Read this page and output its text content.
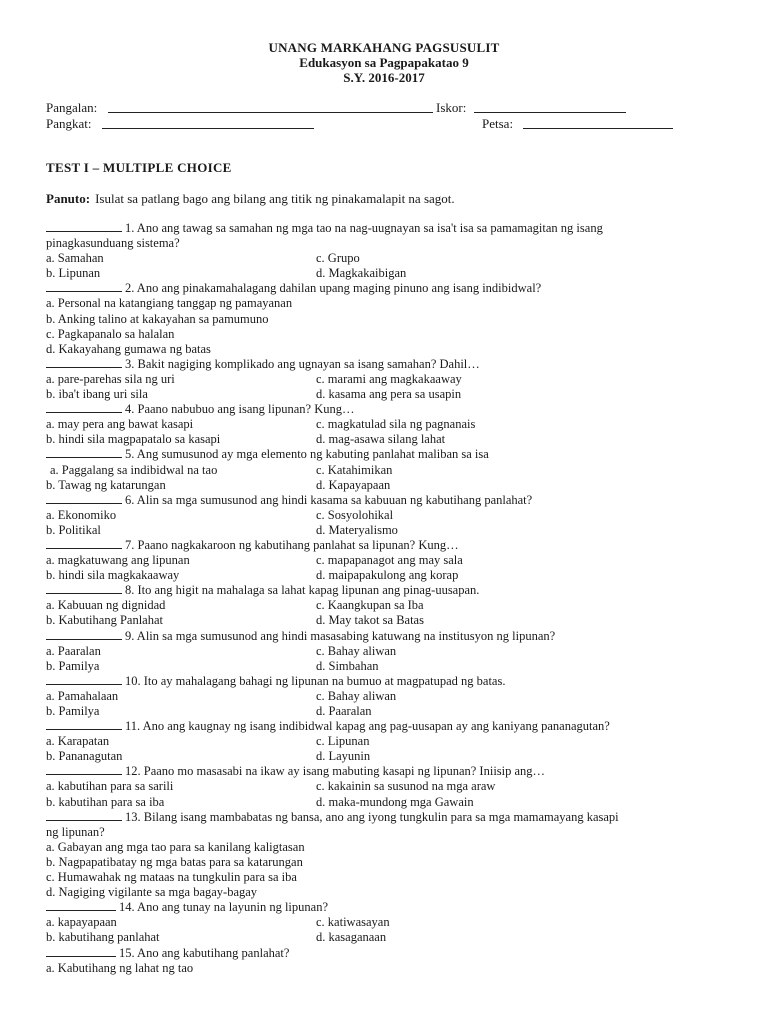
UNANG MARKAHANG PAGSUSULIT
Edukasyon sa Pagpapakatao 9
S.Y. 2016-2017
Pangalan:	Iskor:
Pangkat:	Petsa:
TEST I – MULTIPLE CHOICE
Panuto: Isulat sa patlang bago ang bilang ang titik ng pinakamalapit na sagot.
1. Ano ang tawag sa samahan ng mga tao na nag-uugnayan sa isa't isa sa pamamagitan ng isang
pinagkasunduang sistema?
a. Samahan	c. Grupo
b. Lipunan	d. Magkakaibigan
2. Ano ang pinakamahalagang dahilan upang maging pinuno ang isang indibidwal?
a. Personal na katangiang tanggap ng pamayanan
b. Anking talino at kakayahan sa pamumuno
c. Pagkapanalo sa halalan
d. Kakayahang gumawa ng batas
3. Bakit nagiging komplikado ang ugnayan sa isang samahan? Dahil…
a. pare-parehas sila ng uri	c. marami ang magkakaaway
b. iba't ibang uri sila	d. kasama ang pera sa usapin
4. Paano nabubuo ang isang lipunan? Kung…
a. may pera ang bawat kasapi	c. magkatulad sila ng pagnanais
b. hindi sila magpapatalo sa kasapi	d. mag-asawa silang lahat
5. Ang sumusunod ay mga elemento ng kabuting panlahat maliban sa isa
a. Paggalang sa indibidwal na tao	c. Katahimikan
b. Tawag ng katarungan	d. Kapayapaan
6. Alin sa mga sumusunod ang hindi kasama sa kabuuan ng kabutihang panlahat?
a. Ekonomiko	c. Sosyolohikal
b. Politikal	d. Materyalismo
7. Paano nagkakaroon ng kabutihang panlahat sa lipunan? Kung…
a. magkatuwang ang lipunan	c. mapapanagot ang may sala
b. hindi sila magkakaaway	d. maipapakulong ang korap
8. Ito ang higit na mahalaga sa lahat kapag lipunan ang pinag-uusapan.
a. Kabuuan ng dignidad	c. Kaangkupan sa Iba
b. Kabutihang Panlahat	d. May takot sa Batas
9. Alin sa mga sumusunod ang hindi masasabing katuwang na institusyon ng lipunan?
a. Paaralan	c. Bahay aliwan
b. Pamilya	d. Simbahan
10. Ito ay mahalagang bahagi ng lipunan na bumuo at magpatupad ng batas.
a. Pamahalaan	c. Bahay aliwan
b. Pamilya	d. Paaralan
11. Ano ang kaugnay ng isang indibidwal kapag ang pag-uusapan ay ang kaniyang pananagutan?
a. Karapatan	c. Lipunan
b. Pananagutan	d. Layunin
12. Paano mo masasabi na ikaw ay isang mabuting kasapi ng lipunan? Iniisip ang…
a. kabutihan para sa sarili	c. kakainin sa susunod na mga araw
b. kabutihan para sa iba	d. maka-mundong mga Gawain
13. Bilang isang mambabatas ng bansa, ano ang iyong tungkulin para sa mga mamamayang kasapi
ng lipunan?
a. Gabayan ang mga tao para sa kanilang kaligtasan
b. Nagpapatibatay ng mga batas para sa katarungan
c. Humawahak ng mataas na tungkulin para sa iba
d. Nagiging vigilante sa mga bagay-bagay
14. Ano ang tunay na layunin ng lipunan?
a. kapayapaan	c. katiwasayan
b. kabutihang panlahat	d. kasaganaan
15. Ano ang kabutihang panlahat?
a. Kabutihang ng lahat ng tao
